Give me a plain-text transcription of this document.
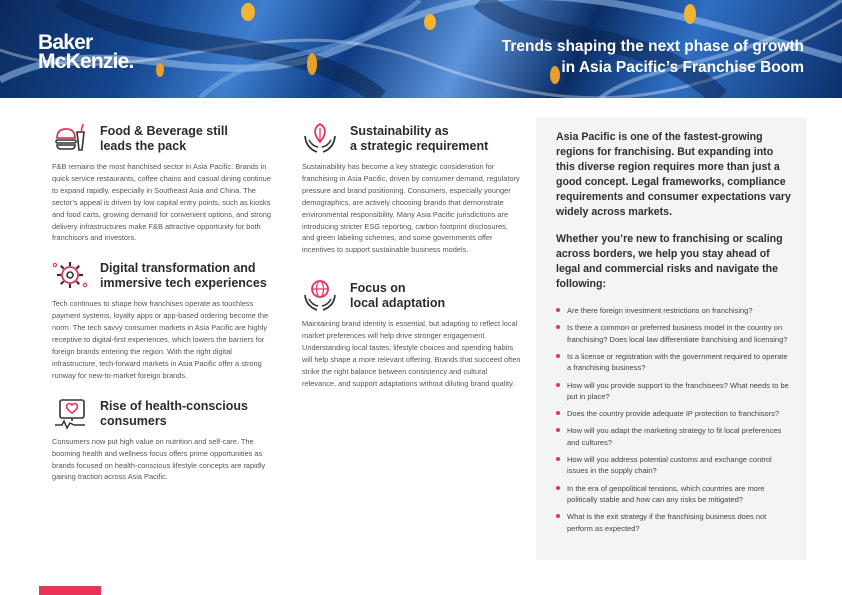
Baker
McKenzie.
Trends shaping the next phase of growth
in Asia Pacific’s Franchise Boom
Food & Beverage still
leads the pack

F&B remains the most franchised sector in Asia Pacific. Brands in quick service restaurants, coffee chains and casual dining continue to expand rapidly, especially in Southeast Asia and China. The sector’s appeal is driven by low capital entry points, such as kiosks and food carts, growing demand for convenient options, and strong delivery infrastructures make F&B attractive opportunity for both franchisors and investors.

Digital transformation and
immersive tech experiences

Tech continues to shape how franchises operate as touchless payment systems, loyalty apps or app-based ordering become the norm. The tech savvy consumer markets in Asia Pacific are highly receptive to digital-first experiences, which lowers the barriers for foreign brands entering the region. With the right digital infrastructure, tech-forward markets in Asia Pacific offer a strong runway for new-to-market foreign brands.

Rise of health-conscious
consumers

Consumers now put high value on nutrition and self-care. The booming health and wellness focus offers prime opportunities as brands focused on health-conscious lifestyle concepts are rapidly gaining traction across Asia Pacific.

Sustainability as
a strategic requirement

Sustainability has become a key strategic consideration for franchising in Asia Pacific, driven by consumer demand, regulatory pressure and brand positioning. Consumers, especially younger demographics, are actively choosing brands that demonstrate environmental responsibility. Many Asia Pacific jurisdictions are introducing stricter ESG reporting, carbon footprint disclosures, and green labeling schemes, and some governments offer incentives to support sustainable business models.

Focus on
local adaptation

Maintaining brand identity is essential, but adapting to reflect local market preferences will help drive stronger engagement. Understanding local tastes, lifestyle choices and spending habits will help shape a more relevant offering. Brands that succeed often strike the right balance between consistency and cultural relevance, and support adaptations without diluting brand quality.

Asia Pacific is one of the fastest-growing regions for franchising. But expanding into this diverse region requires more than just a good concept. Legal frameworks, compliance requirements and consumer expectations vary widely across markets.

Whether you’re new to franchising or scaling across borders, we help you stay ahead of legal and commercial risks and navigate the following:

Are there foreign investment restrictions on franchising?
Is there a common or preferred business model in the country on franchising? Does local law differentiate franchising and licensing?
Is a license or registration with the government required to operate a franchising business?
How will you provide support to the franchisees? What needs to be put in place?
Does the country provide adequate IP protection to franchisors?
How will you adapt the marketing strategy to fit local preferences and cultures?
How will you address potential customs and exchange control issues in the supply chain?
In the era of geopolitical tensions, which countries are more politically stable and how can any risks be mitigated?
What is the exit strategy if the franchising business does not perform as expected?
